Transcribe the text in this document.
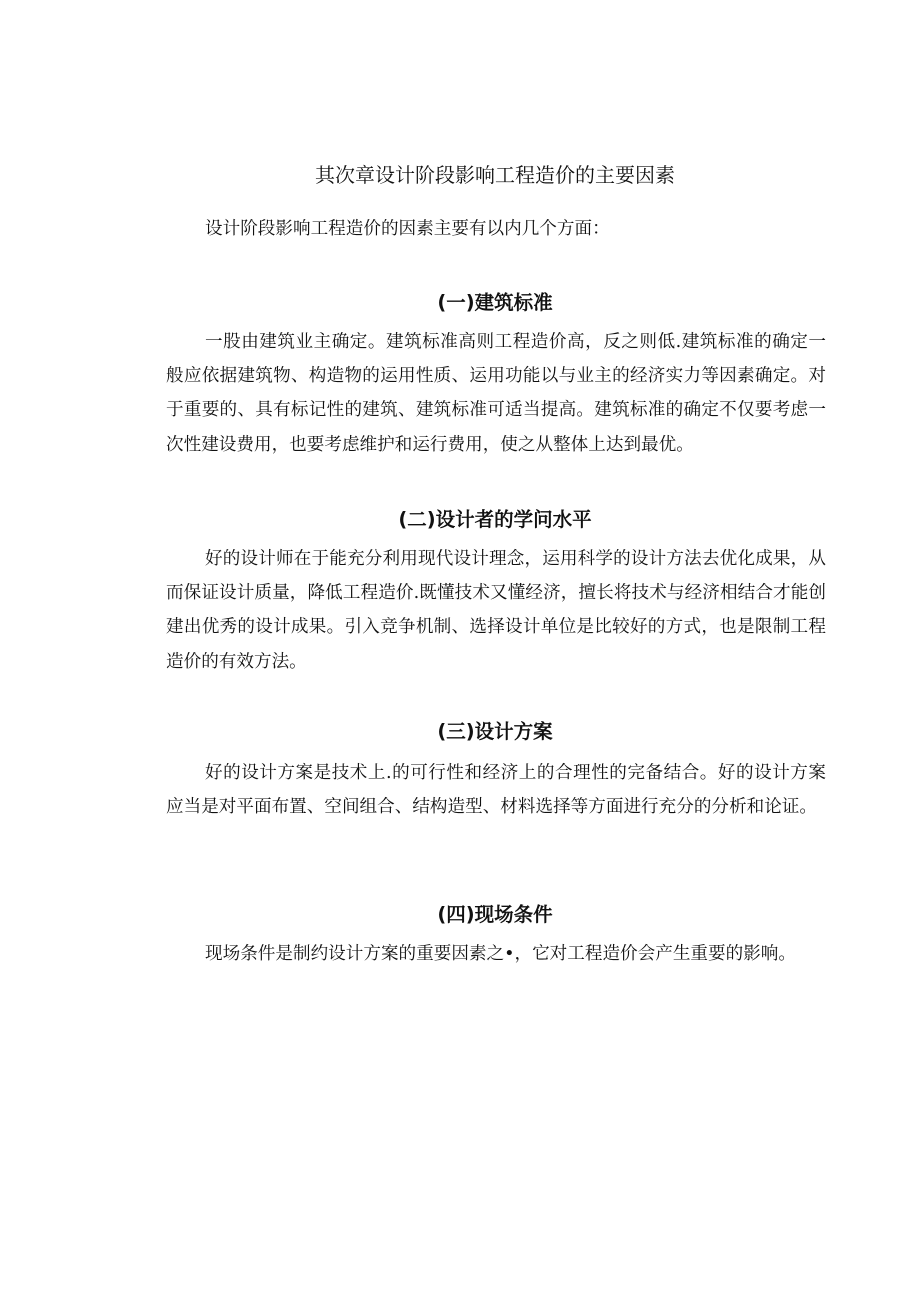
其次章设计阶段影响工程造价的主要因素

设计阶段影响工程造价的因素主要有以内几个方面：

(一)建筑标准

一股由建筑业主确定。建筑标准高则工程造价高，反之则低.建筑标准的确定一般应依据建筑物、构造物的运用性质、运用功能以与业主的经济实力等因素确定。对于重要的、具有标记性的建筑、建筑标准可适当提高。建筑标准的确定不仅要考虑一次性建设费用，也要考虑维护和运行费用，使之从整体上达到最优。

(二)设计者的学问水平

好的设计师在于能充分利用现代设计理念，运用科学的设计方法去优化成果，从而保证设计质量，降低工程造价.既懂技术又懂经济，擅长将技术与经济相结合才能创建出优秀的设计成果。引入竞争机制、选择设计单位是比较好的方式，也是限制工程造价的有效方法。

(三)设计方案

好的设计方案是技术上.的可行性和经济上的合理性的完备结合。好的设计方案应当是对平面布置、空间组合、结构造型、材料选择等方面进行充分的分析和论证。

(四)现场条件

现场条件是制约设计方案的重要因素之•，它对工程造价会产生重要的影响。
